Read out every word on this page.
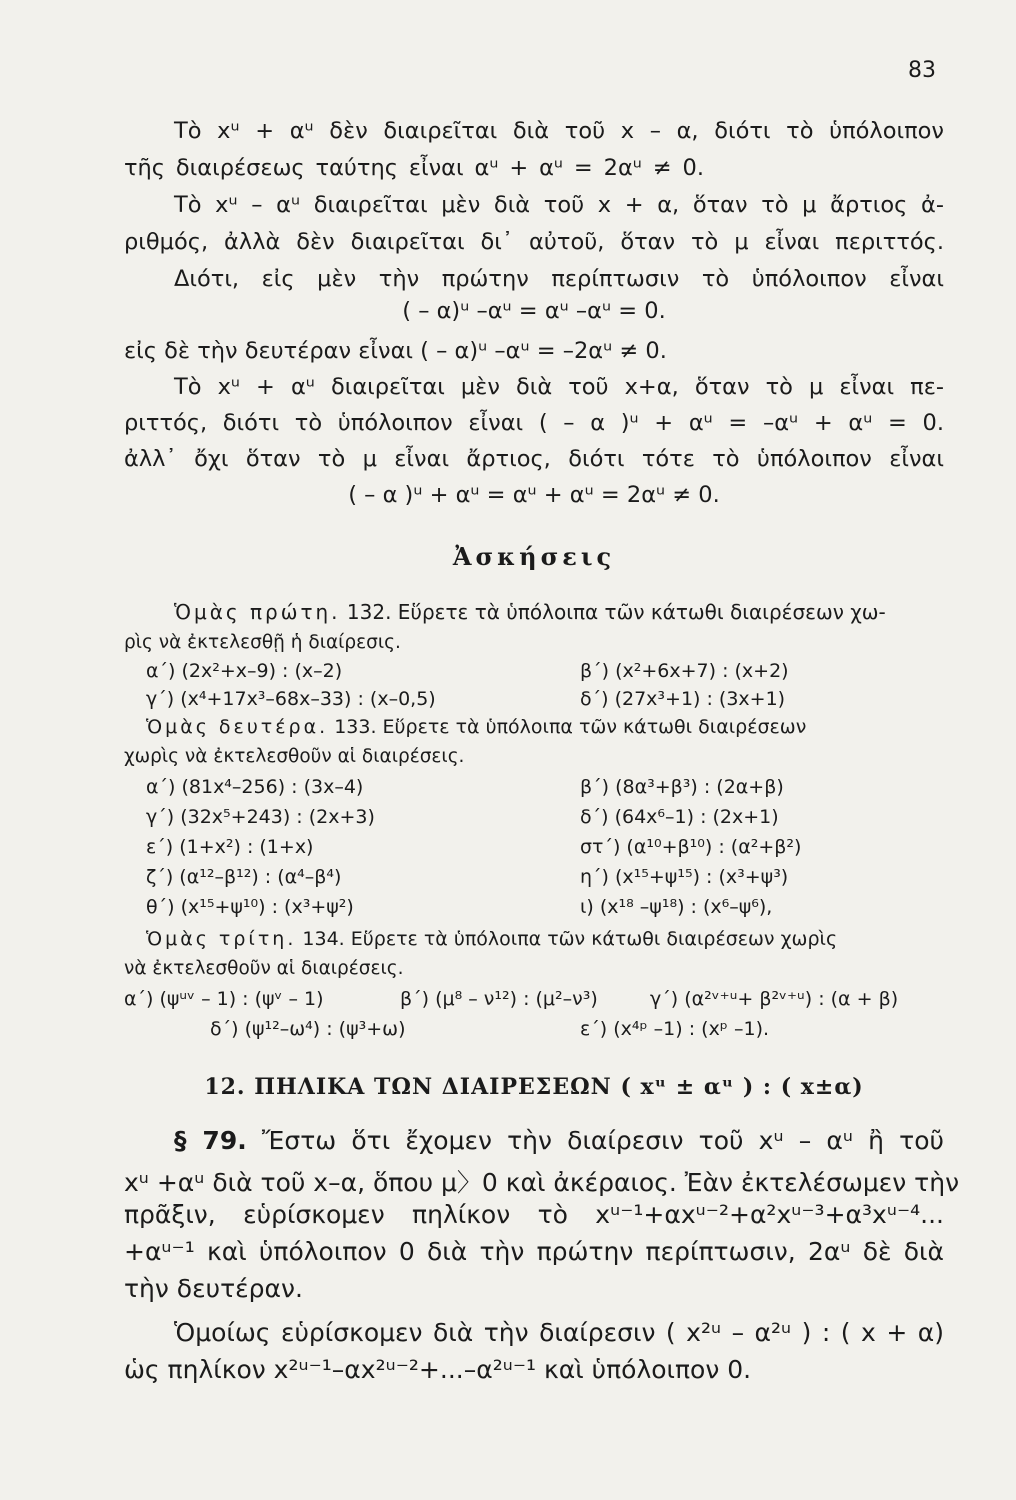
83
Τὸ xᵘ + αᵘ δὲν διαιρεῖται διὰ τοῦ x – α, διότι τὸ ὑπόλοιπον
τῆς διαιρέσεως ταύτης εἶναι αᵘ + αᵘ = 2αᵘ ≠ 0.
Τὸ xᵘ – αᵘ διαιρεῖται μὲν διὰ τοῦ x + α, ὅταν τὸ μ ἄρτιος ἀ-
ριθμός, ἀλλὰ δὲν διαιρεῖται δι᾽ αὐτοῦ, ὅταν τὸ μ εἶναι περιττός.
Διότι, εἰς μὲν τὴν πρώτην περίπτωσιν τὸ ὑπόλοιπον εἶναι
( – α)ᵘ –αᵘ = αᵘ –αᵘ = 0.
εἰς δὲ τὴν δευτέραν εἶναι ( – α)ᵘ –αᵘ = –2αᵘ ≠ 0.
Τὸ xᵘ + αᵘ διαιρεῖται μὲν διὰ τοῦ x+α, ὅταν τὸ μ εἶναι πε-
ριττός, διότι τὸ ὑπόλοιπον εἶναι ( – α )ᵘ + αᵘ = –αᵘ + αᵘ = 0.
ἀλλ᾽ ὄχι ὅταν τὸ μ εἶναι ἄρτιος, διότι τότε τὸ ὑπόλοιπον εἶναι
( – α )ᵘ + αᵘ = αᵘ + αᵘ = 2αᵘ ≠ 0.
Ἀσκήσεις
Ὁμὰς πρώτη. 132. Εὕρετε τὰ ὑπόλοιπα τῶν κάτωθι διαιρέσεων χω-
ρὶς νὰ ἐκτελεσθῇ ἡ διαίρεσις.
α΄) (2x²+x–9) : (x–2)	β΄) (x²+6x+7) : (x+2)
γ΄) (x⁴+17x³–68x–33) : (x–0,5)	δ΄) (27x³+1) : (3x+1)
Ὁμὰς δευτέρα. 133. Εὕρετε τὰ ὑπόλοιπα τῶν κάτωθι διαιρέσεων
χωρὶς νὰ ἐκτελεσθοῦν αἱ διαιρέσεις.
α΄) (81x⁴–256) : (3x–4)	β΄) (8α³+β³) : (2α+β)
γ΄) (32x⁵+243) : (2x+3)	δ΄) (64x⁶–1) : (2x+1)
ε΄) (1+x²) : (1+x)	στ΄) (α¹⁰+β¹⁰) : (α²+β²)
ζ΄) (α¹²–β¹²) : (α⁴–β⁴)	η΄) (x¹⁵+ψ¹⁵) : (x³+ψ³)
θ΄) (x¹⁵+ψ¹⁰) : (x³+ψ²)	ι) (x¹⁸ –ψ¹⁸) : (x⁶–ψ⁶),
Ὁμὰς τρίτη. 134. Εὕρετε τὰ ὑπόλοιπα τῶν κάτωθι διαιρέσεων χωρὶς
νὰ ἐκτελεσθοῦν αἱ διαιρέσεις.
α΄) (ψᵘᵛ – 1) : (ψᵛ – 1)	β΄) (μ⁸ – ν¹²) : (μ²–ν³)	γ΄) (α²ᵛ⁺ᵘ+ β²ᵛ⁺ᵘ) : (α + β)
δ΄) (ψ¹²–ω⁴) : (ψ³+ω)	ε΄) (x⁴ᵖ –1) : (xᵖ –1).
12. ΠΗΛΙΚΑ ΤΩΝ ΔΙΑΙΡΕΣΕΩΝ ( xᵘ ± αᵘ ) : ( x±α)
§ 79. Ἔστω ὅτι ἔχομεν τὴν διαίρεσιν τοῦ xᵘ – αᵘ ἢ τοῦ
xᵘ +αᵘ διὰ τοῦ x–α, ὅπου μ〉0 καὶ ἀκέραιος. Ἐὰν ἐκτελέσωμεν τὴν
πρᾶξιν, εὑρίσκομεν πηλίκον τὸ xᵘ⁻¹+αxᵘ⁻²+α²xᵘ⁻³+α³xᵘ⁻⁴...
+αᵘ⁻¹ καὶ ὑπόλοιπον 0 διὰ τὴν πρώτην περίπτωσιν, 2αᵘ δὲ διὰ
τὴν δευτέραν.
Ὁμοίως εὑρίσκομεν διὰ τὴν διαίρεσιν ( x²ᵘ – α²ᵘ ) : ( x + α)
ὡς πηλίκον x²ᵘ⁻¹–αx²ᵘ⁻²+...–α²ᵘ⁻¹ καὶ ὑπόλοιπον 0.
